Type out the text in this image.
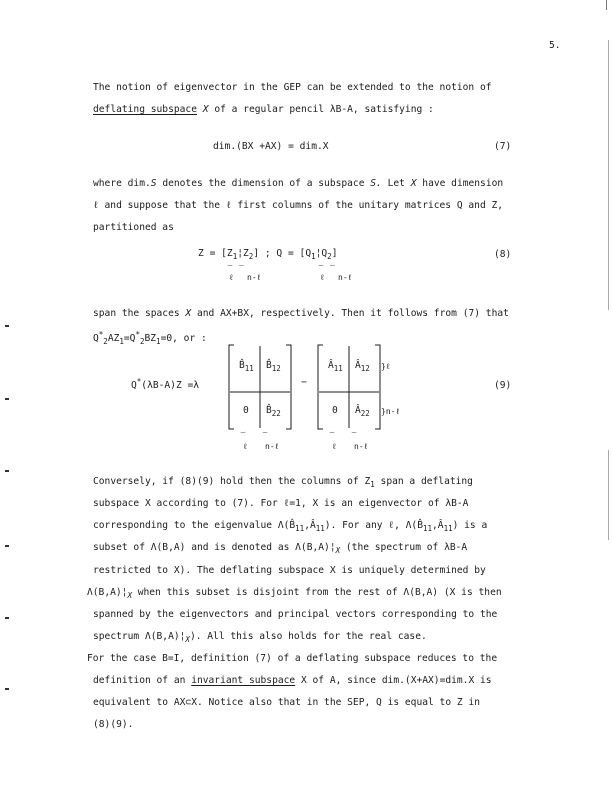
5.
The notion of eigenvector in the GEP can be extended to the notion of
deflating subspace X of a regular pencil λB-A, satisfying :
dim.(BX +AX) = dim.X	(7)
where dim.S denotes the dimension of a subspace S. Let X have dimension
ℓ and suppose that the ℓ first columns of the unitary matrices Q and Z,
partitioned as
$Z = [Z_1¦Z_2]$ ; $Q = [Q_1¦Q_2]$
⌣ ⌣	⌣ ⌣
ℓ n-ℓ	ℓ n-ℓ
(8)
span the spaces X and AX+BX, respectively. Then it follows from (7) that
$Q^*_2AZ_1=Q^*_2BZ_1=0$, or :
Q*(λB-A)Z =λ
$B̂_{11}$ $B̂_{12}$
0 $B̂_{22}$
−
$Â_{11}$ $Â_{12}$
0 $Â_{22}$
}ℓ
}n-ℓ
⌣   ⌣	⌣   ⌣
ℓ n-ℓ	ℓ n-ℓ
(9)
Conversely, if (8)(9) hold then the columns of $Z_1$ span a deflating
subspace X according to (7). For ℓ=1, X is an eigenvector of λB-A
corresponding to the eigenvalue $\Lambda(B̂_{11},Â_{11})$. For any ℓ, $\Lambda(B̂_{11},Â_{11})$ is a
subset of Λ(B,A) and is denoted as $\Lambda(B,A)¦_X$ (the spectrum of λB-A
restricted to X). The deflating subspace X is uniquely determined by
$\Lambda(B,A)¦_X$ when this subset is disjoint from the rest of Λ(B,A) (X is then
spanned by the eigenvectors and principal vectors corresponding to the
spectrum $\Lambda(B,A)¦_X$). All this also holds for the real case.
For the case B=I, definition (7) of a deflating subspace reduces to the
definition of an invariant subspace X of A, since dim.(X+AX)=dim.X is
equivalent to AX⊂X. Notice also that in the SEP, Q is equal to Z in
(8)(9).
